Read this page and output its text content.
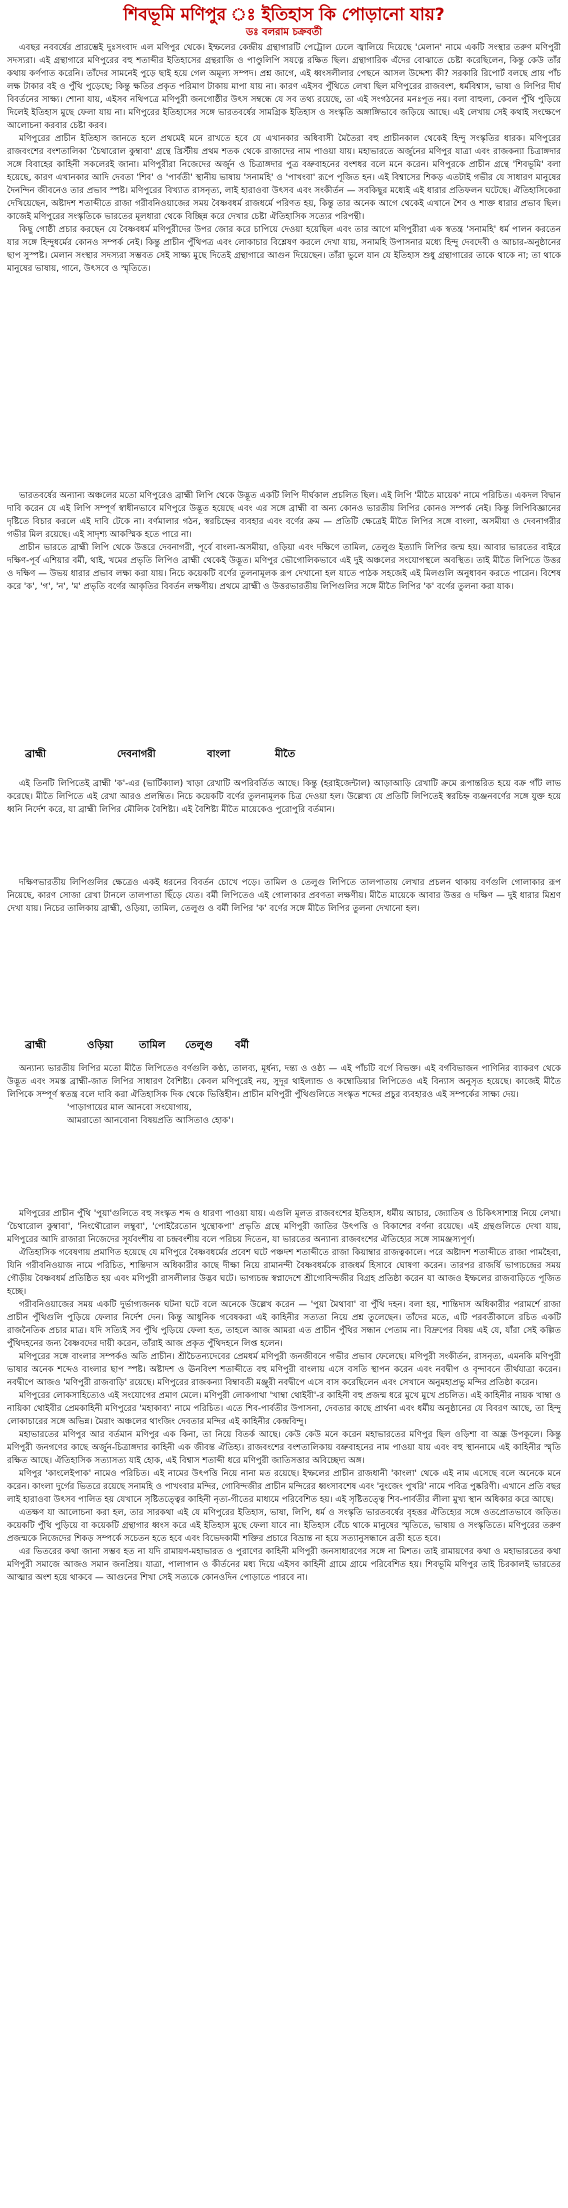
শিবভূমি মণিপুর ঃ ইতিহাস কি পোড়ানো যায়?
ডঃ বলরাম চক্রবর্তী

এবছর নববর্ষের প্রারম্ভেই দুঃসংবাদ এল মণিপুর থেকে। ইম্ফলের কেন্দ্রীয় গ্রন্থাগারটি পেট্রোল ঢেলে জ্বালিয়ে দিয়েছে 'মেলান' নামে একটি সংস্থার তরুণ মণিপুরী সদস্যরা। এই গ্রন্থাগারে মণিপুরের বহু শতাব্দীর ইতিহাসের গ্রন্থরাজি ও পাণ্ডুলিপি সযত্নে রক্ষিত ছিল। গ্রন্থাগারিক এঁদের বোঝাতে চেষ্টা করেছিলেন, কিন্তু কেউ তাঁর কথায় কর্ণপাত করেনি। তাঁদের সামনেই পুড়ে ছাই হয়ে গেল অমূল্য সম্পদ। প্রশ্ন জাগে, এই ধ্বংসলীলার পেছনে আসল উদ্দেশ্য কী? সরকারি রিপোর্ট বলছে প্রায় পাঁচ লক্ষ টাকার বই ও পুঁথি পুড়েছে; কিন্তু ক্ষতির প্রকৃত পরিমাণ টাকায় মাপা যায় না। কারণ এইসব পুঁথিতে লেখা ছিল মণিপুরের রাজবংশ, ধর্মবিশ্বাস, ভাষা ও লিপির দীর্ঘ বিবর্তনের সাক্ষ্য। শোনা যায়, এইসব নথিপত্রে মণিপুরী জনগোষ্ঠীর উৎস সম্বন্ধে যে সব তথ্য রয়েছে, তা এই সংগঠনের মনঃপূত নয়। বলা বাহুল্য, কেবল পুঁথি পুড়িয়ে দিলেই ইতিহাস মুছে ফেলা যায় না। মণিপুরের ইতিহাসের সঙ্গে ভারতবর্ষের সামগ্রিক ইতিহাস ও সংস্কৃতি অঙ্গাঙ্গিভাবে জড়িয়ে আছে। এই লেখায় সেই কথাই সংক্ষেপে আলোচনা করবার চেষ্টা করব।

মণিপুরের প্রাচীন ইতিহাস জানতে হলে প্রথমেই মনে রাখতে হবে যে এখানকার অধিবাসী মৈতৈরা বহু প্রাচীনকাল থেকেই হিন্দু সংস্কৃতির ধারক। মণিপুরের রাজবংশের বংশতালিকা 'চৈথারোল কুম্বাবা' গ্রন্থে খ্রিস্টীয় প্রথম শতক থেকে রাজাদের নাম পাওয়া যায়। মহাভারতে অর্জুনের মণিপুর যাত্রা এবং রাজকন্যা চিত্রাঙ্গদার সঙ্গে বিবাহের কাহিনী সকলেরই জানা। মণিপুরীরা নিজেদের অর্জুন ও চিত্রাঙ্গদার পুত্র বভ্রুবাহনের বংশধর বলে মনে করেন। মণিপুরকে প্রাচীন গ্রন্থে 'শিবভূমি' বলা হয়েছে, কারণ এখানকার আদি দেবতা 'শিব' ও 'পার্বতী' স্থানীয় ভাষায় 'সনামহি' ও 'পাখংবা' রূপে পূজিত হন। এই বিশ্বাসের শিকড় এতটাই গভীর যে সাধারণ মানুষের দৈনন্দিন জীবনেও তার প্রভাব স্পষ্ট। মণিপুরের বিখ্যাত রাসনৃত্য, লাই হারাওবা উৎসব এবং সংকীর্তন — সবকিছুর মধ্যেই এই ধারার প্রতিফলন ঘটেছে। ঐতিহাসিকেরা দেখিয়েছেন, অষ্টাদশ শতাব্দীতে রাজা গরীবনিওয়াজের সময় বৈষ্ণবধর্ম রাজধর্মে পরিণত হয়, কিন্তু তার অনেক আগে থেকেই এখানে শৈব ও শাক্ত ধারার প্রভাব ছিল। কাজেই মণিপুরের সংস্কৃতিকে ভারতের মূলধারা থেকে বিচ্ছিন্ন করে দেখার চেষ্টা ঐতিহাসিক সত্যের পরিপন্থী।

কিছু গোষ্ঠী প্রচার করছেন যে বৈষ্ণবধর্ম মণিপুরীদের উপর জোর করে চাপিয়ে দেওয়া হয়েছিল এবং তার আগে মণিপুরীরা এক স্বতন্ত্র 'সনামহি' ধর্ম পালন করতেন যার সঙ্গে হিন্দুধর্মের কোনও সম্পর্ক নেই। কিন্তু প্রাচীন পুঁথিপত্র এবং লোকাচার বিশ্লেষণ করলে দেখা যায়, সনামহি উপাসনার মধ্যে হিন্দু দেবদেবী ও আচার-অনুষ্ঠানের ছাপ সুস্পষ্ট। মেলান সংস্থার সদস্যরা সম্ভবত সেই সাক্ষ্য মুছে দিতেই গ্রন্থাগারে আগুন দিয়েছেন। তাঁরা ভুলে যান যে ইতিহাস শুধু গ্রন্থাগারের তাকে থাকে না; তা থাকে মানুষের ভাষায়, গানে, উৎসবে ও স্মৃতিতে।

ভারতবর্ষের অন্যান্য অঞ্চলের মতো মণিপুরেও ব্রাহ্মী লিপি থেকে উদ্ভূত একটি লিপি দীর্ঘকাল প্রচলিত ছিল। এই লিপি 'মীতৈ মায়েক' নামে পরিচিত। একদল বিদ্বান দাবি করেন যে এই লিপি সম্পূর্ণ স্বাধীনভাবে মণিপুরে উদ্ভূত হয়েছে এবং এর সঙ্গে ব্রাহ্মী বা অন্য কোনও ভারতীয় লিপির কোনও সম্পর্ক নেই। কিন্তু লিপিবিজ্ঞানের দৃষ্টিতে বিচার করলে এই দাবি টেকে না। বর্ণমালার গঠন, স্বরচিহ্নের ব্যবহার এবং বর্ণের ক্রম — প্রতিটি ক্ষেত্রেই মীতৈ লিপির সঙ্গে বাংলা, অসমীয়া ও দেবনাগরীর গভীর মিল রয়েছে। এই সাদৃশ্য আকস্মিক হতে পারে না।

প্রাচীন ভারতে ব্রাহ্মী লিপি থেকে উত্তরে দেবনাগরী, পূর্বে বাংলা-অসমীয়া, ওড়িয়া এবং দক্ষিণে তামিল, তেলুগু ইত্যাদি লিপির জন্ম হয়। আবার ভারতের বাইরে দক্ষিণ-পূর্ব এশিয়ার বর্মী, থাই, খমের প্রভৃতি লিপিও ব্রাহ্মী থেকেই উদ্ভূত। মণিপুর ভৌগোলিকভাবে এই দুই অঞ্চলের সংযোগস্থলে অবস্থিত। তাই মীতৈ লিপিতে উত্তর ও দক্ষিণ — উভয় ধারার প্রভাব লক্ষ্য করা যায়। নিচে কয়েকটি বর্ণের তুলনামূলক রূপ দেখানো হল যাতে পাঠক সহজেই এই মিলগুলি অনুধাবন করতে পারেন। বিশেষ করে 'ক', 'গ', 'ন', 'ম' প্রভৃতি বর্ণের আকৃতির বিবর্তন লক্ষণীয়। প্রথমে ব্রাহ্মী ও উত্তরভারতীয় লিপিগুলির সঙ্গে মীতৈ লিপির 'ক' বর্ণের তুলনা করা যাক।

ব্রাহ্মী	দেবনাগরী	বাংলা	মীতৈ

এই তিনটি লিপিতেই ব্রাহ্মী 'ক'-এর (ভার্টিক্যাল) খাড়া রেখাটি অপরিবর্তিত আছে। কিন্তু (হরাইজেন্টাল) আড়াআড়ি রেখাটি ক্রমে রূপান্তরিত হয়ে বক্র গাঁট লাভ করেছে। মীতৈ লিপিতে এই রেখা আরও প্রলম্বিত। নিচে কয়েকটি বর্ণের তুলনামূলক চিত্র দেওয়া হল। উল্লেখ্য যে প্রতিটি লিপিতেই স্বরচিহ্ন ব্যঞ্জনবর্ণের সঙ্গে যুক্ত হয়ে ধ্বনি নির্দেশ করে, যা ব্রাহ্মী লিপির মৌলিক বৈশিষ্ট্য। এই বৈশিষ্ট্য মীতৈ মায়েকেও পুরোপুরি বর্তমান।

দক্ষিণভারতীয় লিপিগুলির ক্ষেত্রেও একই ধরনের বিবর্তন চোখে পড়ে। তামিল ও তেলুগু লিপিতে তালপাতায় লেখার প্রচলন থাকায় বর্ণগুলি গোলাকার রূপ নিয়েছে, কারণ সোজা রেখা টানলে তালপাতা ছিঁড়ে যেত। বর্মী লিপিতেও এই গোলাকার প্রবণতা লক্ষণীয়। মীতৈ মায়েকে আবার উত্তর ও দক্ষিণ — দুই ধারার মিশ্রণ দেখা যায়। নিচের তালিকায় ব্রাহ্মী, ওড়িয়া, তামিল, তেলুগু ও বর্মী লিপির 'ক' বর্ণের সঙ্গে মীতৈ লিপির তুলনা দেখানো হল।

ব্রাহ্মী	ওড়িয়া	তামিল তেলুগু বর্মী

অন্যান্য ভারতীয় লিপির মতো মীতৈ লিপিতেও বর্ণগুলি কণ্ঠ্য, তালব্য, মূর্ধন্য, দন্ত্য ও ওষ্ঠ্য — এই পাঁচটি বর্গে বিভক্ত। এই বর্গবিভাজন পাণিনির ব্যাকরণ থেকে উদ্ভূত এবং সমস্ত ব্রাহ্মী-জাত লিপির সাধারণ বৈশিষ্ট্য। কেবল মণিপুরেই নয়, সুদূর থাইল্যান্ড ও কম্বোডিয়ার লিপিতেও এই বিন্যাস অনুসৃত হয়েছে। কাজেই মীতৈ লিপিকে সম্পূর্ণ স্বতন্ত্র বলে দাবি করা ঐতিহাসিক দিক থেকে ভিত্তিহীন। প্রাচীন মণিপুরী পুঁথিগুলিতে সংস্কৃত শব্দের প্রচুর ব্যবহারও এই সম্পর্কের সাক্ষ্য দেয়।

'পাড়াগায়ের মাল আনবো সংযোগায়,

আমরাতো আনবোনা বিষয়প্রতি আসিতাও হোক'।

মণিপুরের প্রাচীন পুঁথি 'পুয়া'গুলিতে বহু সংস্কৃত শব্দ ও ধারণা পাওয়া যায়। এগুলি মূলত রাজবংশের ইতিহাস, ধর্মীয় আচার, জ্যোতিষ ও চিকিৎসাশাস্ত্র নিয়ে লেখা। 'চৈথারোল কুম্বাবা', 'নিংথৌরোল লম্বুবা', 'পোইরৈতোন খুন্থোকপা' প্রভৃতি গ্রন্থে মণিপুরী জাতির উৎপত্তি ও বিকাশের বর্ণনা রয়েছে। এই গ্রন্থগুলিতে দেখা যায়, মণিপুরের আদি রাজারা নিজেদের সূর্যবংশীয় বা চন্দ্রবংশীয় বলে পরিচয় দিতেন, যা ভারতের অন্যান্য রাজবংশের ঐতিহ্যের সঙ্গে সামঞ্জস্যপূর্ণ।

ঐতিহাসিক গবেষণায় প্রমাণিত হয়েছে যে মণিপুরে বৈষ্ণবধর্মের প্রবেশ ঘটে পঞ্চদশ শতাব্দীতে রাজা কিয়াম্বার রাজত্বকালে। পরে অষ্টাদশ শতাব্দীতে রাজা পামহৈবা, যিনি গরীবনিওয়াজ নামে পরিচিত, শান্তিদাস অধিকারীর কাছে দীক্ষা নিয়ে রামানন্দী বৈষ্ণবধর্মকে রাজধর্ম হিসাবে ঘোষণা করেন। তারপর রাজর্ষি ভাগ্যচন্দ্রের সময় গৌড়ীয় বৈষ্ণবধর্ম প্রতিষ্ঠিত হয় এবং মণিপুরী রাসলীলার উদ্ভব ঘটে। ভাগ্যচন্দ্র স্বপ্নাদেশে শ্রীগোবিন্দজীর বিগ্রহ প্রতিষ্ঠা করেন যা আজও ইম্ফলের রাজবাড়িতে পূজিত হচ্ছে।

গরীবনিওয়াজের সময় একটি দুর্ভাগ্যজনক ঘটনা ঘটে বলে অনেকে উল্লেখ করেন — 'পুয়া মৈথাবা' বা পুঁথি দহন। বলা হয়, শান্তিদাস অধিকারীর পরামর্শে রাজা প্রাচীন পুঁথিগুলি পুড়িয়ে ফেলার নির্দেশ দেন। কিন্তু আধুনিক গবেষকরা এই কাহিনীর সত্যতা নিয়ে প্রশ্ন তুলেছেন। তাঁদের মতে, এটি পরবর্তীকালে রচিত একটি রাজনৈতিক প্রচার মাত্র। যদি সত্যিই সব পুঁথি পুড়িয়ে ফেলা হত, তাহলে আজ আমরা এত প্রাচীন পুঁথির সন্ধান পেতাম না। বিদ্রুপের বিষয় এই যে, যাঁরা সেই কল্পিত পুঁথিদহনের জন্য বৈষ্ণবদের দায়ী করেন, তাঁরাই আজ প্রকৃত পুঁথিদহনে লিপ্ত হলেন।

মণিপুরের সঙ্গে বাংলার সম্পর্কও অতি প্রাচীন। শ্রীচৈতন্যদেবের প্রেমধর্ম মণিপুরী জনজীবনে গভীর প্রভাব ফেলেছে। মণিপুরী সংকীর্তন, রাসনৃত্য, এমনকি মণিপুরী ভাষার অনেক শব্দেও বাংলার ছাপ স্পষ্ট। অষ্টাদশ ও ঊনবিংশ শতাব্দীতে বহু মণিপুরী বাংলায় এসে বসতি স্থাপন করেন এবং নবদ্বীপ ও বৃন্দাবনে তীর্থযাত্রা করেন। নবদ্বীপে আজও 'মণিপুরী রাজবাড়ি' রয়েছে। মণিপুরের রাজকন্যা বিম্বাবতী মঞ্জুরী নবদ্বীপে এসে বাস করেছিলেন এবং সেখানে অনুমহাপ্রভু মন্দির প্রতিষ্ঠা করেন।

মণিপুরের লোকসাহিত্যেও এই সংযোগের প্রমাণ মেলে। মণিপুরী লোকগাথা 'খাম্বা থোইবী'-র কাহিনী বহু প্রজন্ম ধরে মুখে মুখে প্রচলিত। এই কাহিনীর নায়ক খাম্বা ও নায়িকা থোইবীর প্রেমকাহিনী মণিপুরের 'মহাকাব্য' নামে পরিচিত। এতে শিব-পার্বতীর উপাসনা, দেবতার কাছে প্রার্থনা এবং ধর্মীয় অনুষ্ঠানের যে বিবরণ আছে, তা হিন্দু লোকাচারের সঙ্গে অভিন্ন। মৈরাং অঞ্চলের থাংজিং দেবতার মন্দির এই কাহিনীর কেন্দ্রবিন্দু।

মহাভারতের মণিপুর আর বর্তমান মণিপুর এক কিনা, তা নিয়ে বিতর্ক আছে। কেউ কেউ মনে করেন মহাভারতের মণিপুর ছিল ওড়িশা বা অন্ধ্র উপকূলে। কিন্তু মণিপুরী জনগণের কাছে অর্জুন-চিত্রাঙ্গদার কাহিনী এক জীবন্ত ঐতিহ্য। রাজবংশের বংশতালিকায় বভ্রুবাহনের নাম পাওয়া যায় এবং বহু স্থাননামে এই কাহিনীর স্মৃতি রক্ষিত আছে। ঐতিহাসিক সত্যাসত্য যাই হোক, এই বিশ্বাস শতাব্দী ধরে মণিপুরী জাতিসত্তার অবিচ্ছেদ্য অঙ্গ।

মণিপুর 'কাংলেইপাক' নামেও পরিচিত। এই নামের উৎপত্তি নিয়ে নানা মত রয়েছে। ইম্ফলের প্রাচীন রাজধানী 'কাংলা' থেকে এই নাম এসেছে বলে অনেকে মনে করেন। কাংলা দুর্গের ভিতরে রয়েছে সনামহি ও পাখংবার মন্দির, গোবিন্দজীর প্রাচীন মন্দিরের ধ্বংসাবশেষ এবং 'নুংজেং পুখরি' নামে পবিত্র পুষ্করিণী। এখানে প্রতি বছর লাই হারাওবা উৎসব পালিত হয় যেখানে সৃষ্টিতত্ত্বের কাহিনী নৃত্য-গীতের মাধ্যমে পরিবেশিত হয়। এই সৃষ্টিতত্ত্বে শিব-পার্বতীর লীলা মুখ্য স্থান অধিকার করে আছে।

এতক্ষণ যা আলোচনা করা হল, তার সারকথা এই যে মণিপুরের ইতিহাস, ভাষা, লিপি, ধর্ম ও সংস্কৃতি ভারতবর্ষের বৃহত্তর ঐতিহ্যের সঙ্গে ওতপ্রোতভাবে জড়িত। কয়েকটি পুঁথি পুড়িয়ে বা কয়েকটি গ্রন্থাগার ধ্বংস করে এই ইতিহাস মুছে ফেলা যাবে না। ইতিহাস বেঁচে থাকে মানুষের স্মৃতিতে, ভাষায় ও সংস্কৃতিতে। মণিপুরের তরুণ প্রজন্মকে নিজেদের শিকড় সম্পর্কে সচেতন হতে হবে এবং বিভেদকামী শক্তির প্রচারে বিভ্রান্ত না হয়ে সত্যানুসন্ধানে ব্রতী হতে হবে।

এর ভিতরের কথা জানা সম্ভব হত না যদি রামায়ণ-মহাভারত ও পুরাণের কাহিনী মণিপুরী জনসাধারণের সঙ্গে না মিশত। তাই রামায়ণের কথা ও মহাভারতের কথা মণিপুরী সমাজে আজও সমান জনপ্রিয়। যাত্রা, পালাগান ও কীর্তনের মধ্য দিয়ে এইসব কাহিনী গ্রামে গ্রামে পরিবেশিত হয়। শিবভূমি মণিপুর তাই চিরকালই ভারতের আত্মার অংশ হয়ে থাকবে — আগুনের শিখা সেই সত্যকে কোনওদিন পোড়াতে পারবে না।
